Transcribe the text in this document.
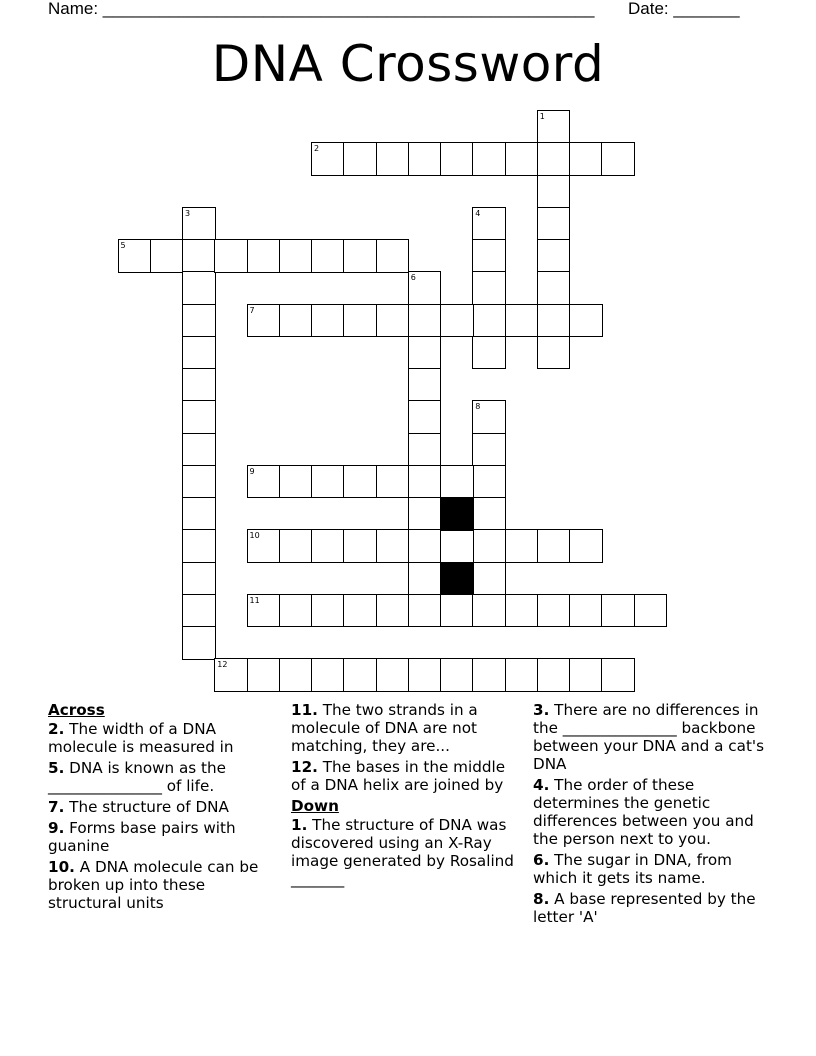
Name: ____________________________________________________ Date: _______
DNA Crossword
1
2
3	4
5
6
7
8
9
10
11
12
Across
2. The width of a DNA molecule is measured in
5. DNA is known as the _______________ of life.
7. The structure of DNA
9. Forms base pairs with guanine
10. A DNA molecule can be broken up into these structural units
11. The two strands in a molecule of DNA are not matching, they are...
12. The bases in the middle of a DNA helix are joined by
Down
1. The structure of DNA was discovered using an X-Ray image generated by Rosalind _______
3. There are no differences in the _______________ backbone between your DNA and a cat's DNA
4. The order of these determines the genetic differences between you and the person next to you.
6. The sugar in DNA, from which it gets its name.
8. A base represented by the letter 'A'
